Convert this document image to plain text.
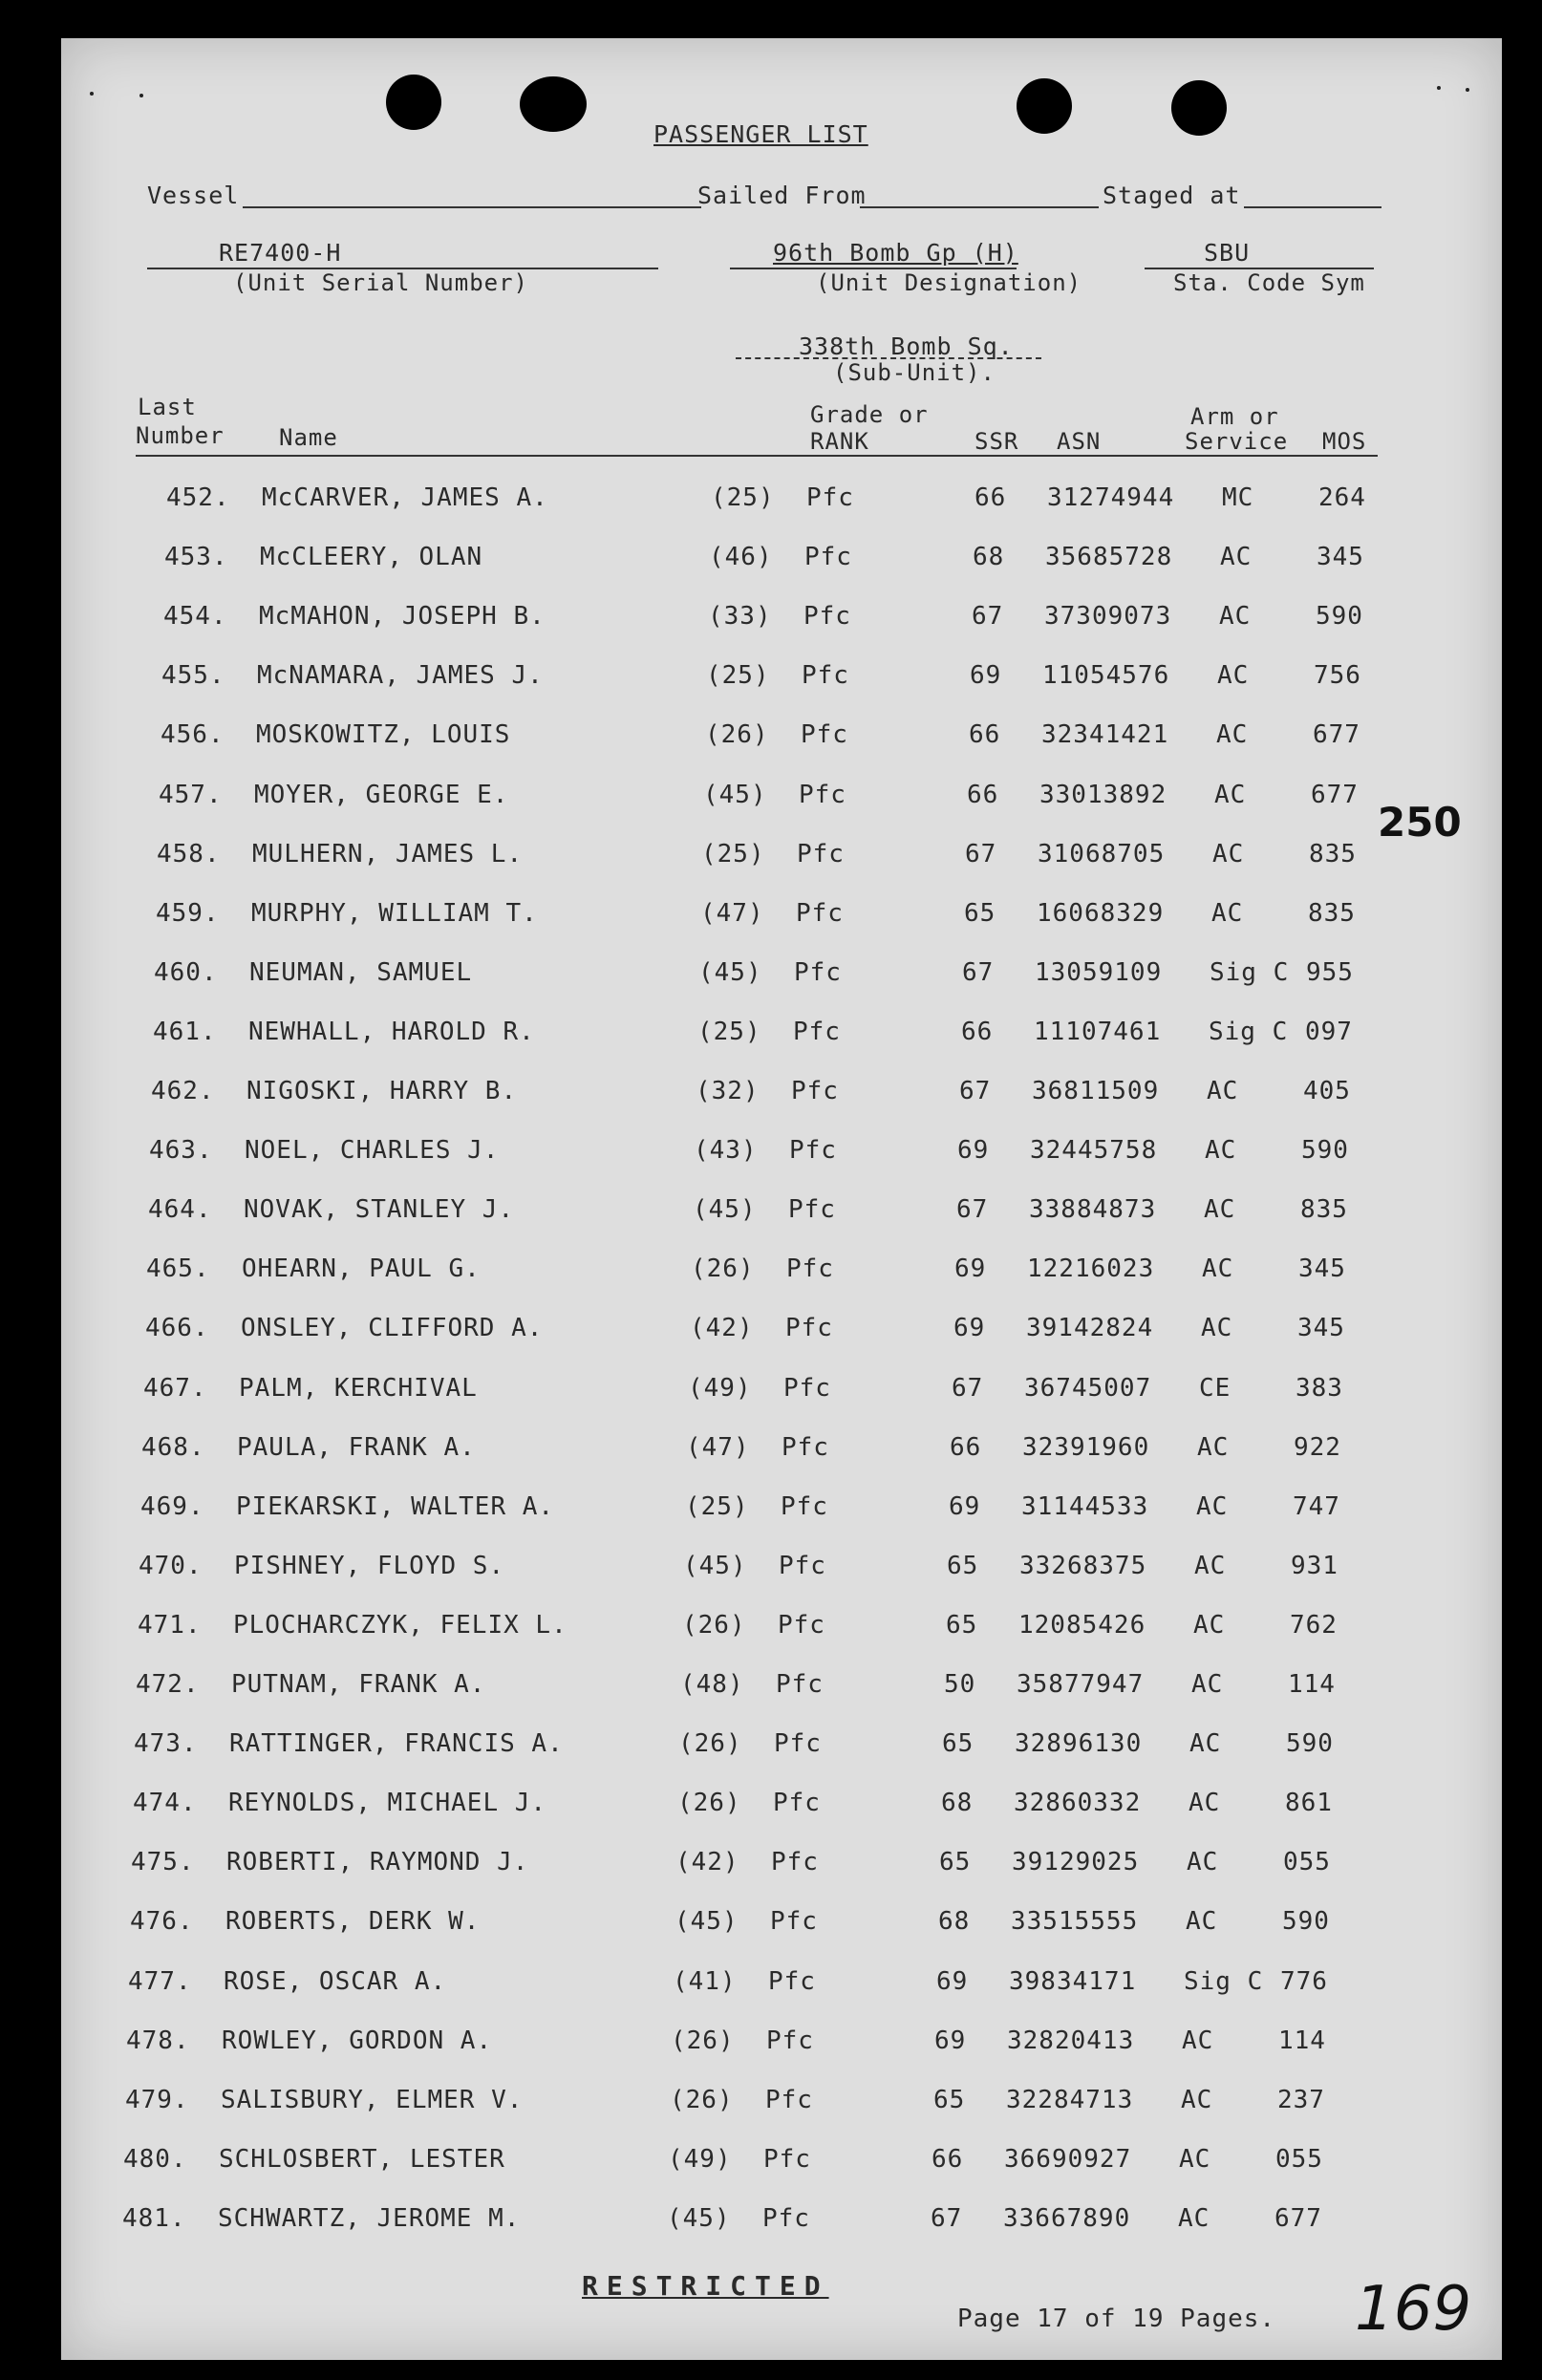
PASSENGER LIST
Vessel	Sailed From	Staged at
RE7400-H
(Unit Serial Number)
96th Bomb Gp (H)
(Unit Designation)
SBU
Sta. Code Sym
338th Bomb Sq.
(Sub-Unit).
Last
Number Name
Grade or
RANK	SSR ASN
Arm or
Service MOS
452. McCARVER, JAMES A.	(25) Pfc	66 31274944 MC	264
453. McCLEERY, OLAN	(46) Pfc	68 35685728 AC	345
454. McMAHON, JOSEPH B.	(33) Pfc	67 37309073 AC	590
455. McNAMARA, JAMES J.	(25) Pfc	69 11054576 AC	756
456. MOSKOWITZ, LOUIS	(26) Pfc	66 32341421 AC	677
457. MOYER, GEORGE E.	(45) Pfc	66 33013892 AC	677
458. MULHERN, JAMES L.	(25) Pfc	67 31068705 AC	835
459. MURPHY, WILLIAM T.	(47) Pfc	65 16068329 AC	835
460. NEUMAN, SAMUEL	(45) Pfc	67 13059109 Sig C 955
461. NEWHALL, HAROLD R.	(25) Pfc	66 11107461 Sig C 097
462. NIGOSKI, HARRY B.	(32) Pfc	67 36811509 AC	405
463. NOEL, CHARLES J.	(43) Pfc	69 32445758 AC	590
464. NOVAK, STANLEY J.	(45) Pfc	67 33884873 AC	835
465. OHEARN, PAUL G.	(26) Pfc	69 12216023 AC	345
466. ONSLEY, CLIFFORD A.	(42) Pfc	69 39142824 AC	345
467. PALM, KERCHIVAL	(49) Pfc	67 36745007 CE	383
468. PAULA, FRANK A.	(47) Pfc	66 32391960 AC	922
469. PIEKARSKI, WALTER A.	(25) Pfc	69 31144533 AC	747
470. PISHNEY, FLOYD S.	(45) Pfc	65 33268375 AC	931
471. PLOCHARCZYK, FELIX L.	(26) Pfc	65 12085426 AC	762
472. PUTNAM, FRANK A.	(48) Pfc	50 35877947 AC	114
473. RATTINGER, FRANCIS A.	(26) Pfc	65 32896130 AC	590
474. REYNOLDS, MICHAEL J.	(26) Pfc	68 32860332 AC	861
475. ROBERTI, RAYMOND J.	(42) Pfc	65 39129025 AC	055
476. ROBERTS, DERK W.	(45) Pfc	68 33515555 AC	590
477. ROSE, OSCAR A.	(41) Pfc	69 39834171 Sig C 776
478. ROWLEY, GORDON A.	(26) Pfc	69 32820413 AC	114
479. SALISBURY, ELMER V.	(26) Pfc	65 32284713 AC	237
480. SCHLOSBERT, LESTER	(49) Pfc	66 36690927 AC	055
481. SCHWARTZ, JEROME M.	(45) Pfc	67 33667890 AC	677
250
RESTRICTED
Page 17 of 19 Pages. 169
